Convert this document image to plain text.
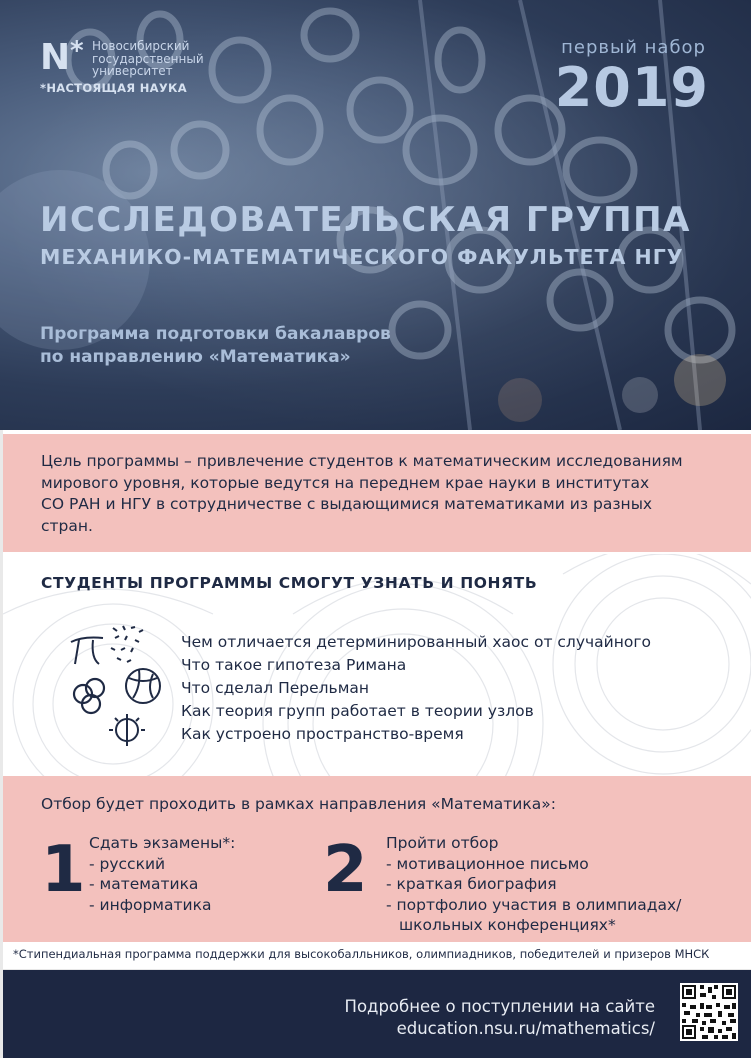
N * Новосибирский
государственный
университет
*НАСТОЯЩАЯ НАУКА
первый набор
2019
ИССЛЕДОВАТЕЛЬСКАЯ ГРУППА
МЕХАНИКО-МАТЕМАТИЧЕСКОГО ФАКУЛЬТЕТА НГУ
Программа подготовки бакалавров
по направлению «Математика»
Цель программы – привлечение студентов к математическим исследованиям
мирового уровня, которые ведутся на переднем крае науки в институтах
СО РАН и НГУ в сотрудничестве с выдающимися математиками из разных
стран.
СТУДЕНТЫ ПРОГРАММЫ СМОГУТ УЗНАТЬ И ПОНЯТЬ
Чем отличается детерминированный хаос от случайного
Что такое гипотеза Римана
Что сделал Перельман
Как теория групп работает в теории узлов
Как устроено пространство-время
Отбор будет проходить в рамках направления «Математика»:
1 Сдать экзамены*:
- русский
- математика
- информатика	2 Пройти отбор
- мотивационное письмо
- краткая биография
- портфолио участия в олимпиадах/
школьных конференциях*
*Стипендиальная программа поддержки для высокобалльников, олимпиадников, победителей и призеров МНСК
Подробнее о поступлении на сайте
education.nsu.ru/mathematics/
